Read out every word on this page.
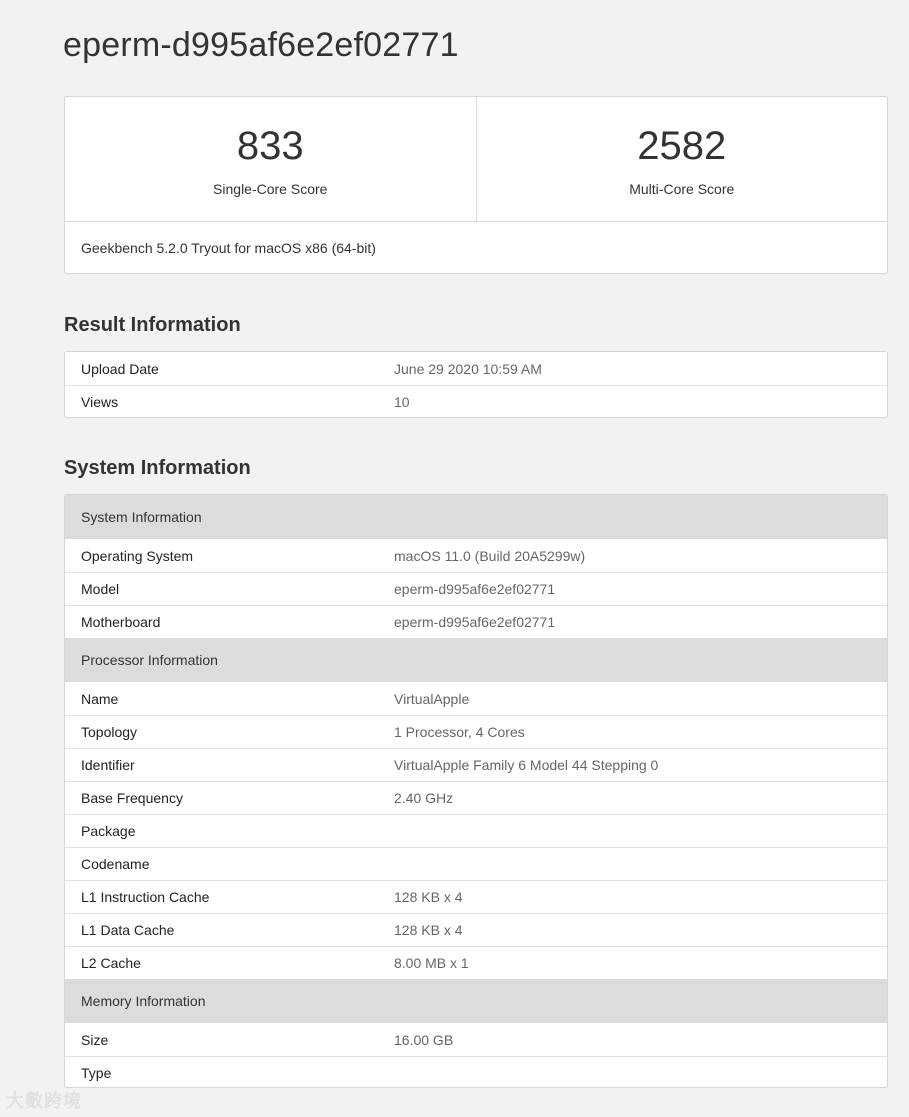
eperm-d995af6e2ef02771
833
Single-Core Score
2582
Multi-Core Score
Geekbench 5.2.0 Tryout for macOS x86 (64-bit)
Result Information
Upload Date	June 29 2020 10:59 AM
Views	10
System Information
System Information
Operating System	macOS 11.0 (Build 20A5299w)
Model	eperm-d995af6e2ef02771
Motherboard	eperm-d995af6e2ef02771
Processor Information
Name	VirtualApple
Topology	1 Processor, 4 Cores
Identifier	VirtualApple Family 6 Model 44 Stepping 0
Base Frequency	2.40 GHz
Package
Codename
L1 Instruction Cache	128 KB x 4
L1 Data Cache	128 KB x 4
L2 Cache	8.00 MB x 1
Memory Information
Size	16.00 GB
Type
大數跨境
